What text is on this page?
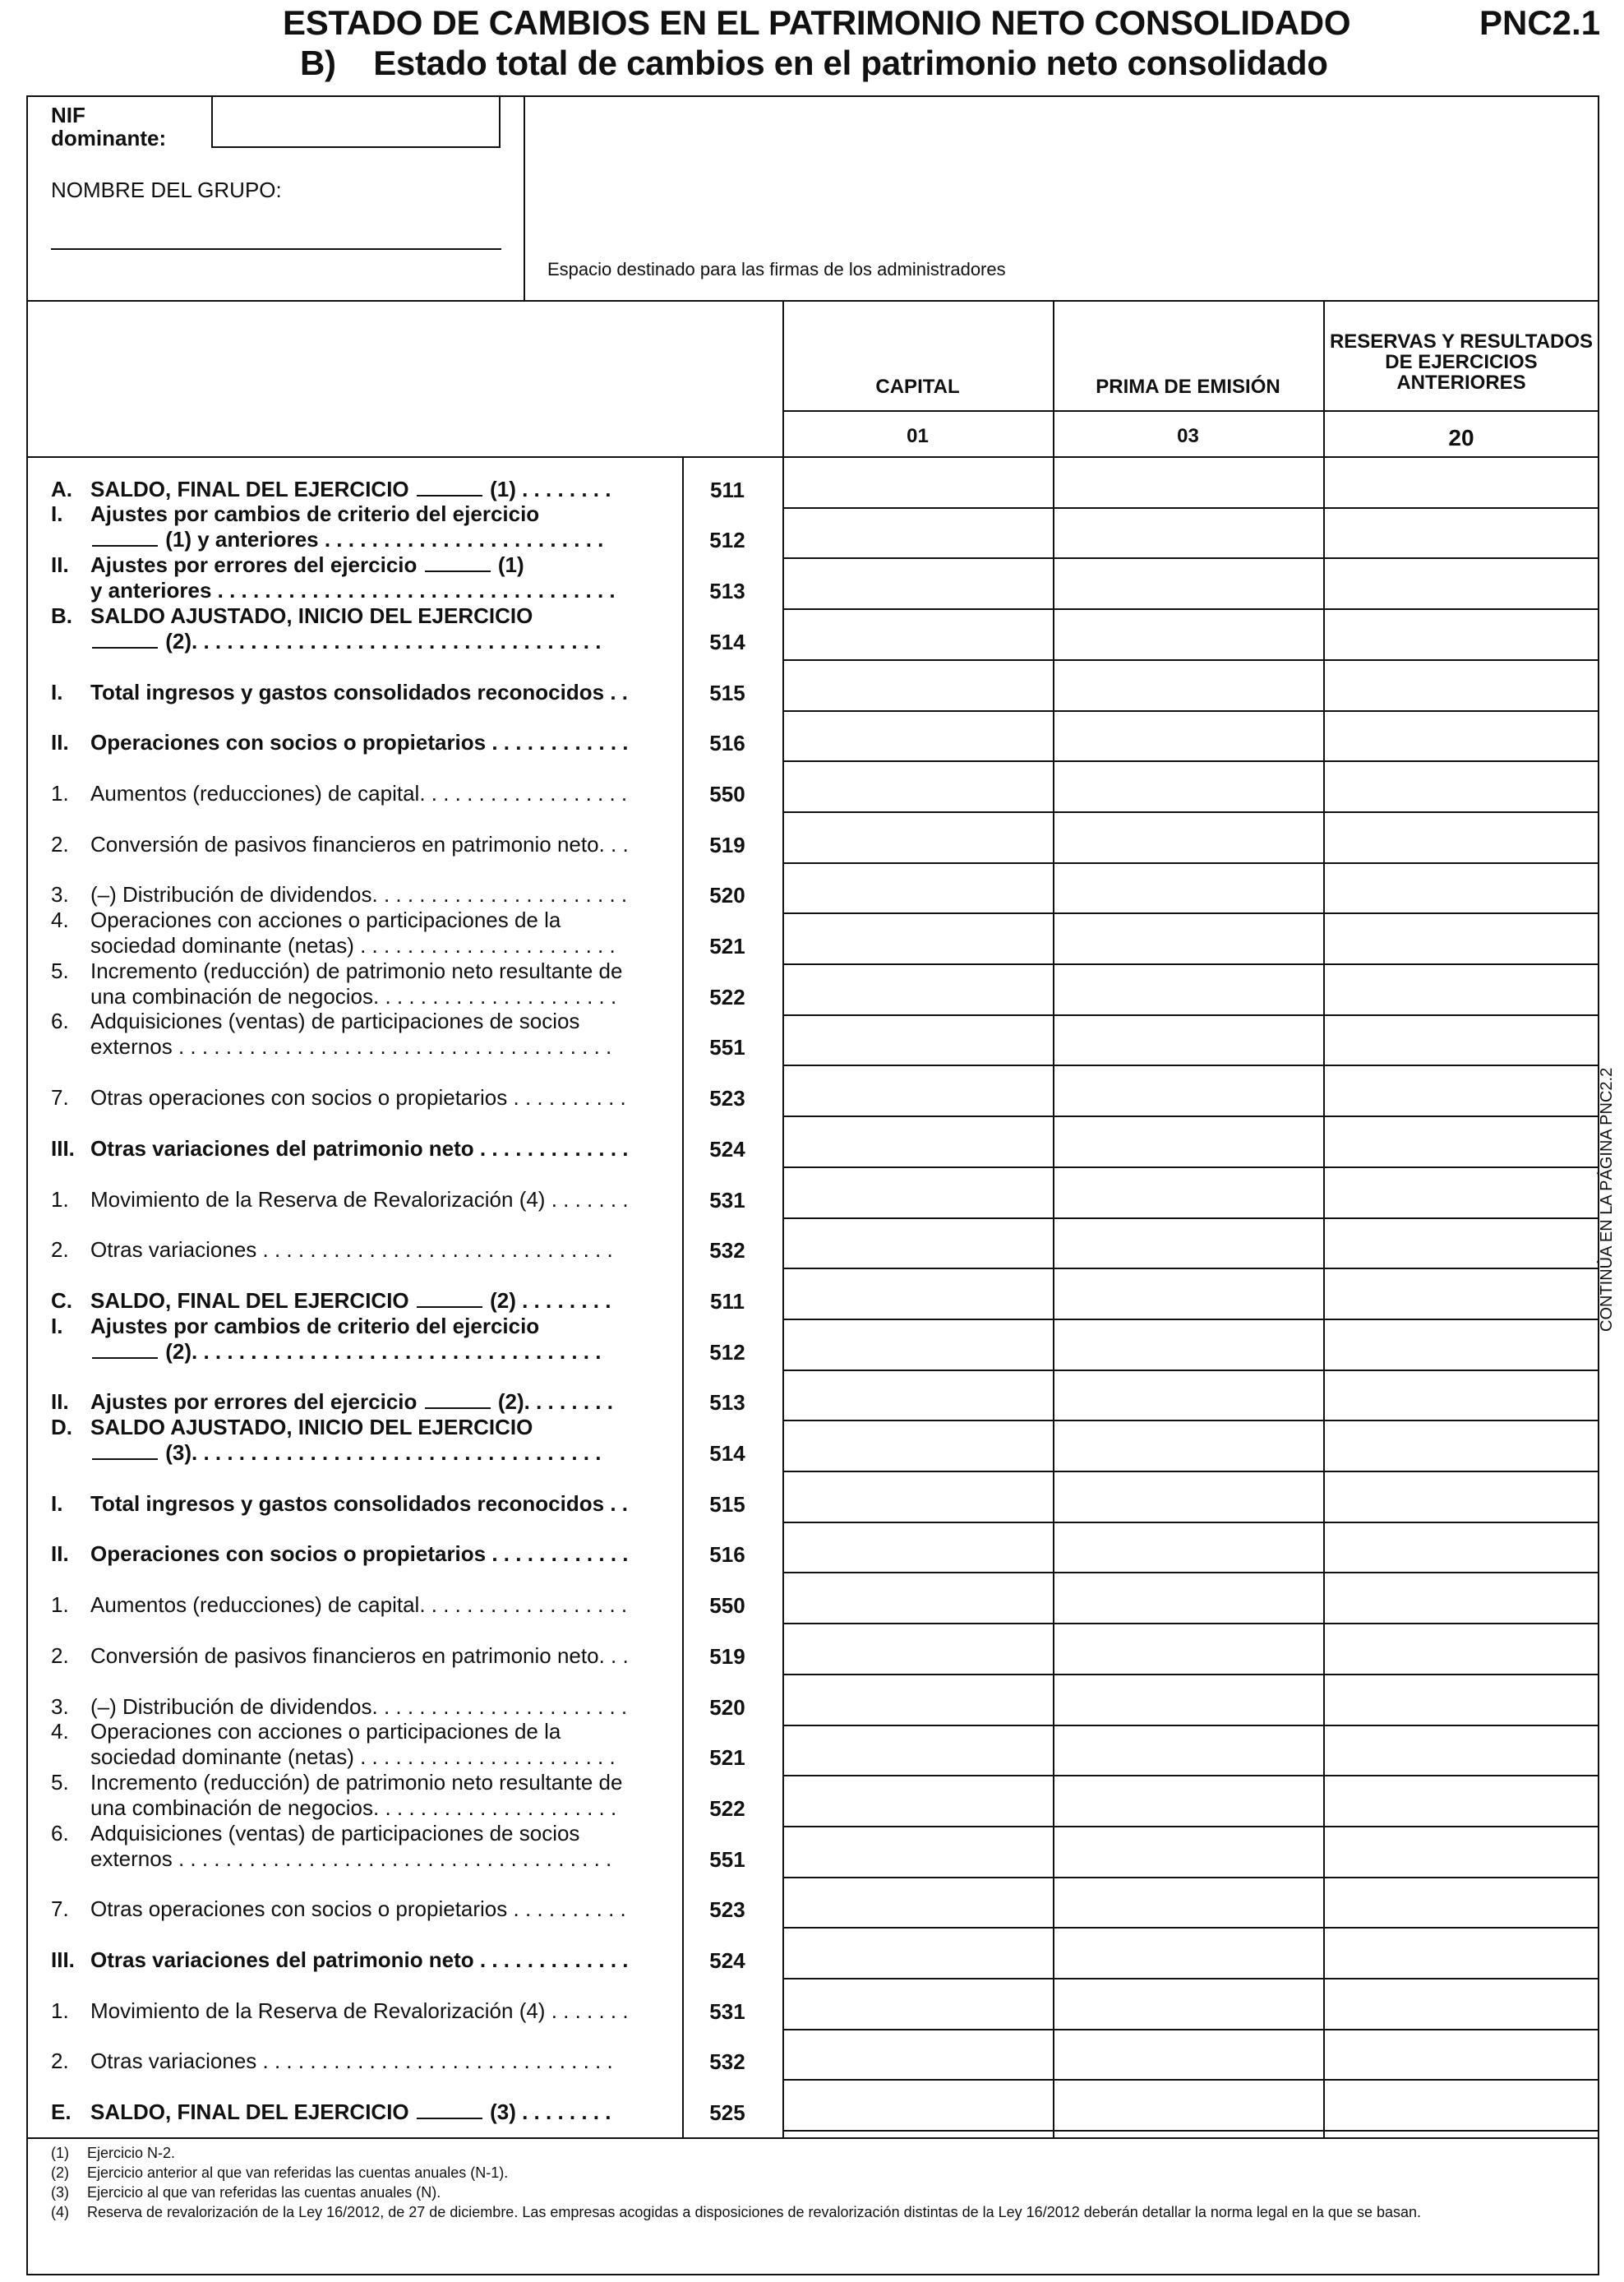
ESTADO DE CAMBIOS EN EL PATRIMONIO NETO CONSOLIDADO
B)    Estado total de cambios en el patrimonio neto consolidado
PNC2.1
NIF
dominante:
NOMBRE DEL GRUPO:
Espacio destinado para las firmas de los administradores
CAPITAL	PRIMA DE EMISIÓN
RESERVAS Y RESULTADOS
DE EJERCICIOS
ANTERIORES
01	03	20
A. SALDO, FINAL DEL EJERCICIO	(1) . . . . . . . .	511
I.	Ajustes por cambios de criterio del ejercicio
(1) y anteriores . . . . . . . . . . . . . . . . . . . . . . . .	512
II.	Ajustes por errores del ejercicio	(1)
y anteriores . . . . . . . . . . . . . . . . . . . . . . . . . . . . . . . . . .	513
B. SALDO AJUSTADO, INICIO DEL EJERCICIO
(2). . . . . . . . . . . . . . . . . . . . . . . . . . . . . . . . . . .	514
I.	Total ingresos y gastos consolidados reconocidos . .	515
II.	Operaciones con socios o propietarios . . . . . . . . . . . .	516
1.	Aumentos (reducciones) de capital. . . . . . . . . . . . . . . . . .	550
2.	Conversión de pasivos financieros en patrimonio neto. . .	519
3.	(–) Distribución de dividendos. . . . . . . . . . . . . . . . . . . . . .	520
4.	Operaciones con acciones o participaciones de la
sociedad dominante (netas) . . . . . . . . . . . . . . . . . . . . . .	521
5.	Incremento (reducción) de patrimonio neto resultante de
una combinación de negocios. . . . . . . . . . . . . . . . . . . . .	522
6.	Adquisiciones (ventas) de participaciones de socios
externos . . . . . . . . . . . . . . . . . . . . . . . . . . . . . . . . . . . . .	551
7.	Otras operaciones con socios o propietarios . . . . . . . . . .	523
III. Otras variaciones del patrimonio neto . . . . . . . . . . . . .	524
1.	Movimiento de la Reserva de Revalorización (4) . . . . . . .	531
2.	Otras variaciones . . . . . . . . . . . . . . . . . . . . . . . . . . . . . .	532
C. SALDO, FINAL DEL EJERCICIO	(2) . . . . . . . .	511
I.	Ajustes por cambios de criterio del ejercicio
(2). . . . . . . . . . . . . . . . . . . . . . . . . . . . . . . . . . .	512
II.	Ajustes por errores del ejercicio	(2). . . . . . . .	513
D. SALDO AJUSTADO, INICIO DEL EJERCICIO
(3). . . . . . . . . . . . . . . . . . . . . . . . . . . . . . . . . . .	514
I.	Total ingresos y gastos consolidados reconocidos . .	515
II.	Operaciones con socios o propietarios . . . . . . . . . . . .	516
1.	Aumentos (reducciones) de capital. . . . . . . . . . . . . . . . . .	550
2.	Conversión de pasivos financieros en patrimonio neto. . .	519
3.	(–) Distribución de dividendos. . . . . . . . . . . . . . . . . . . . . .	520
4.	Operaciones con acciones o participaciones de la
sociedad dominante (netas) . . . . . . . . . . . . . . . . . . . . . .	521
5.	Incremento (reducción) de patrimonio neto resultante de
una combinación de negocios. . . . . . . . . . . . . . . . . . . . .	522
6.	Adquisiciones (ventas) de participaciones de socios
externos . . . . . . . . . . . . . . . . . . . . . . . . . . . . . . . . . . . . .	551
7.	Otras operaciones con socios o propietarios . . . . . . . . . .	523
III. Otras variaciones del patrimonio neto . . . . . . . . . . . . .	524
1.	Movimiento de la Reserva de Revalorización (4) . . . . . . .	531
2.	Otras variaciones . . . . . . . . . . . . . . . . . . . . . . . . . . . . . .	532
E. SALDO, FINAL DEL EJERCICIO	(3) . . . . . . . .	525
(1) Ejercicio N-2.
(2) Ejercicio anterior al que van referidas las cuentas anuales (N-1).
(3) Ejercicio al que van referidas las cuentas anuales (N).
(4) Reserva de revalorización de la Ley 16/2012, de 27 de diciembre. Las empresas acogidas a disposiciones de revalorización distintas de la Ley 16/2012 deberán detallar la norma legal en la que se basan.
CONTINÚA EN LA PÁGINA PNC2.2
